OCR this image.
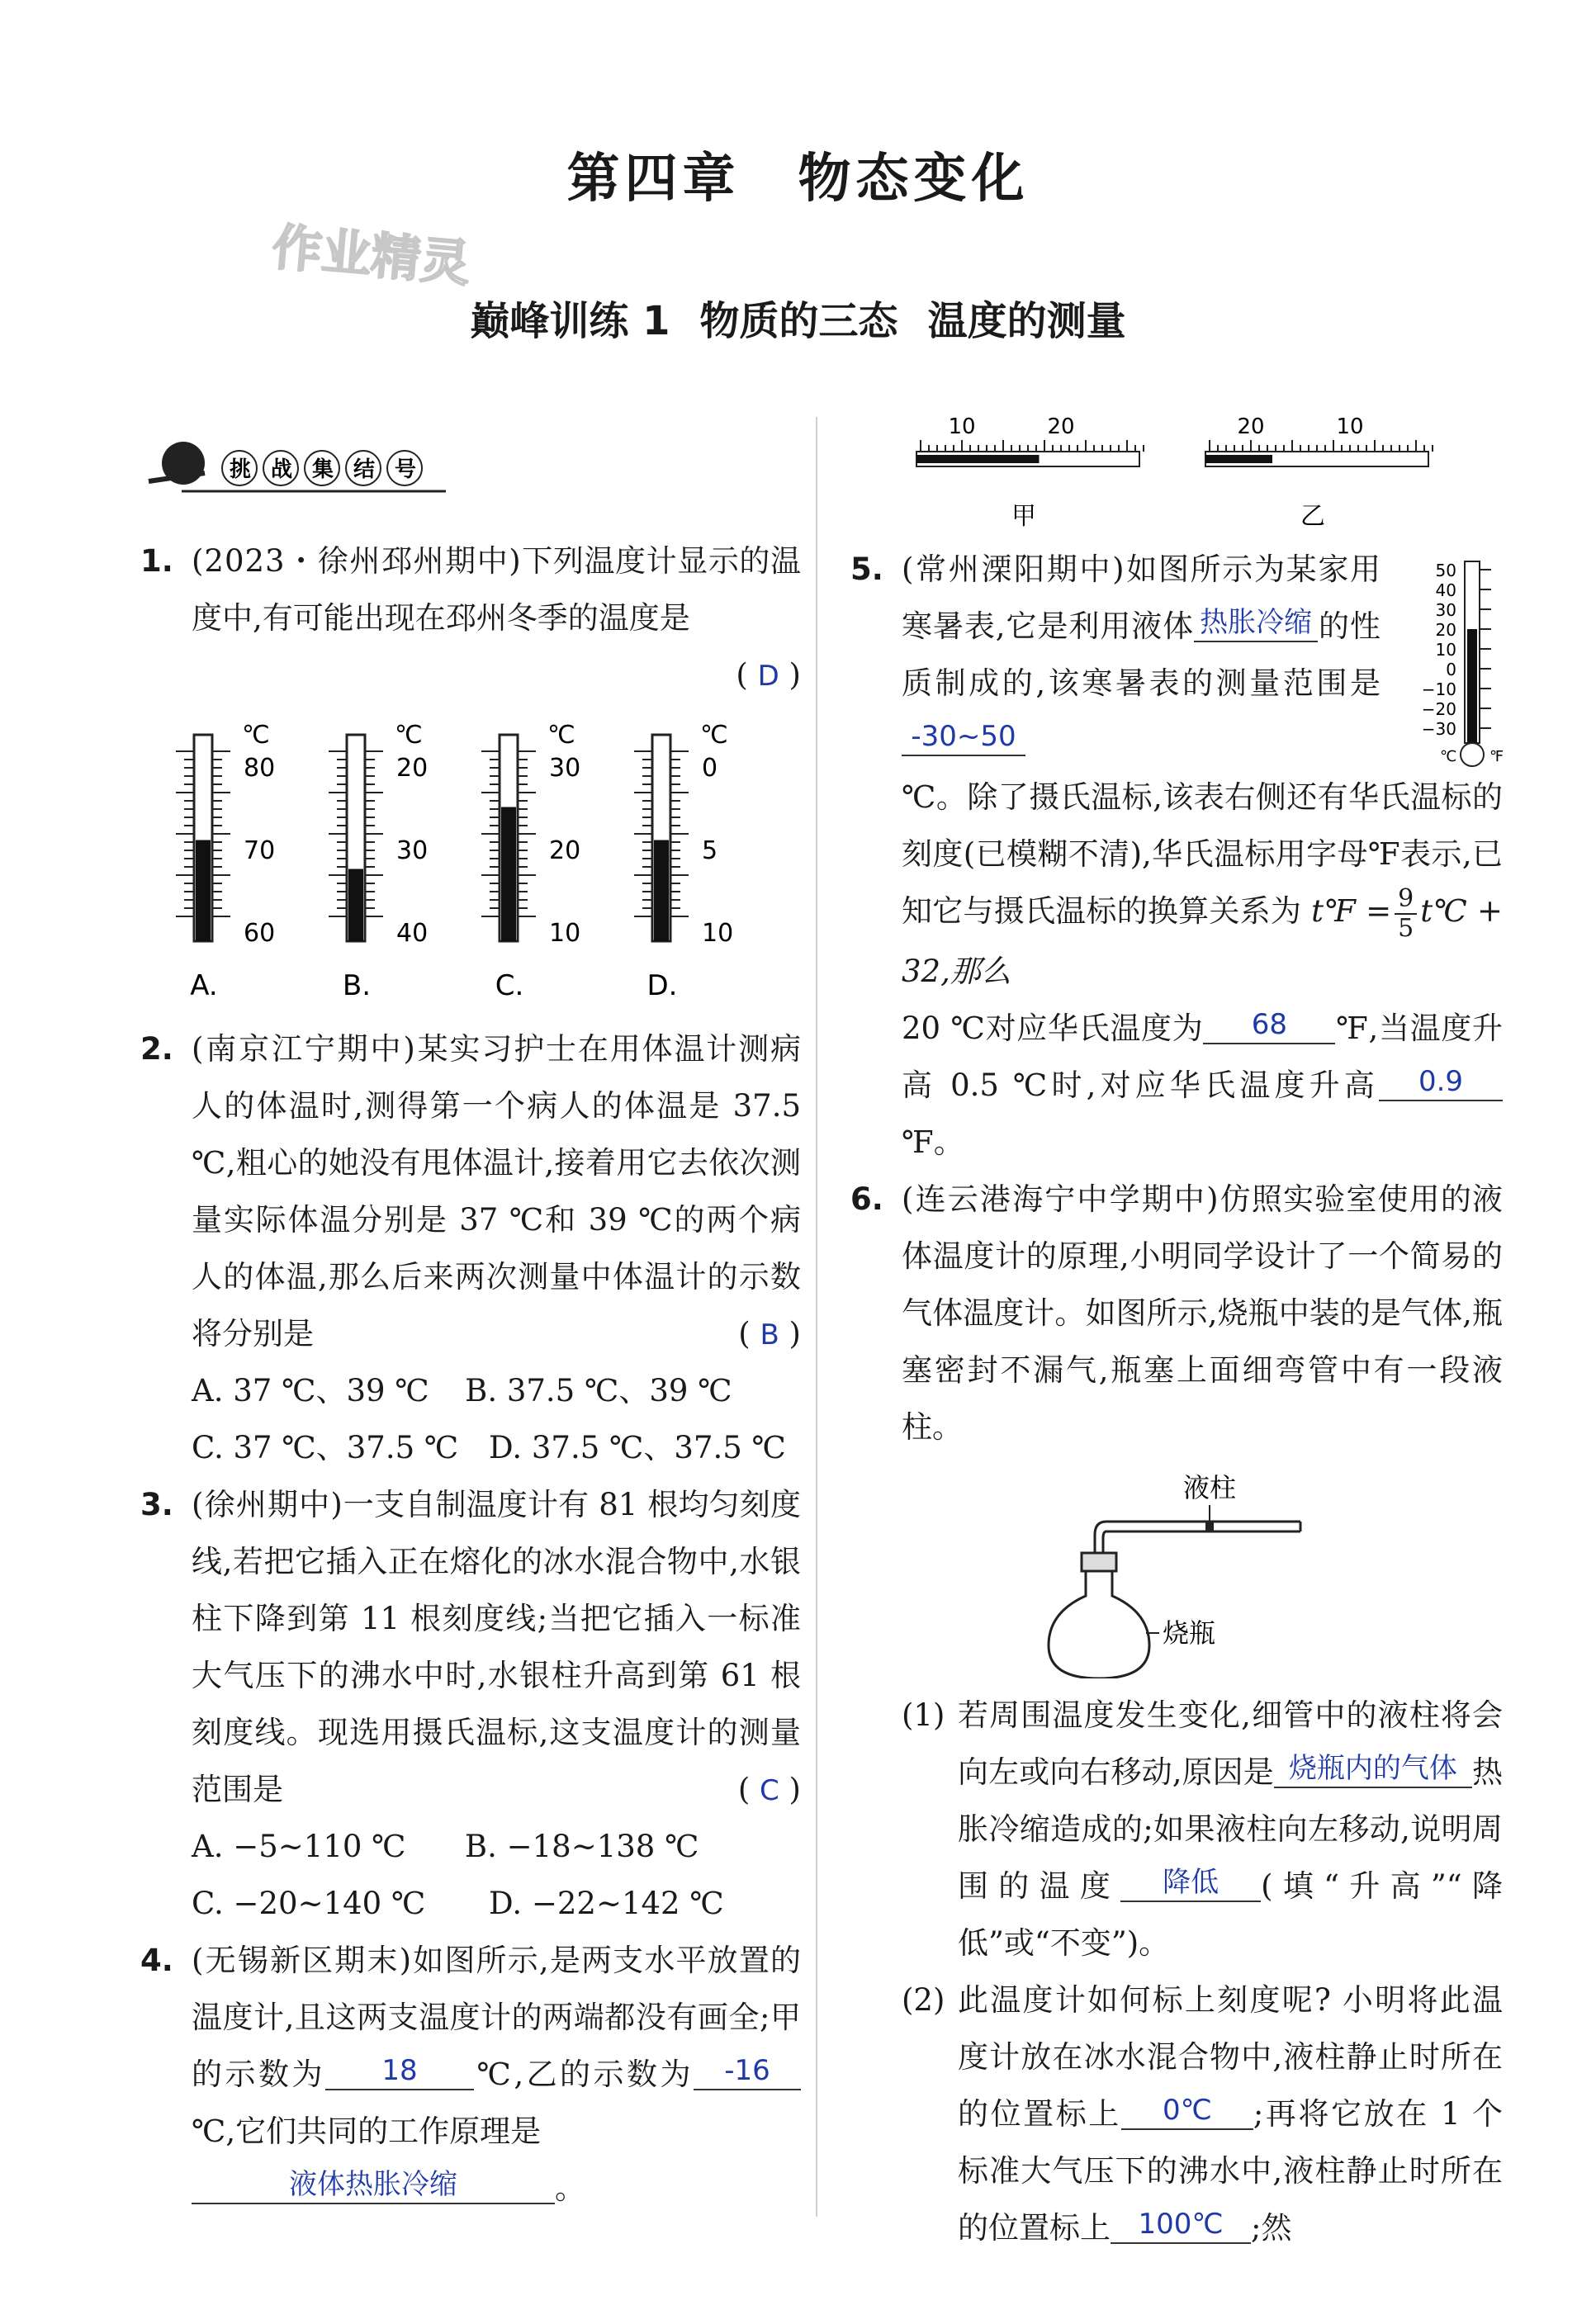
第四章　物态变化
作业精灵
巅峰训练 1 物质的三态 温度的测量
挑战集结号
1. (2023・徐州邳州期中)下列温度计显示的温度中,有可能出现在邳州冬季的温度是
( D )
℃
80
70
60
A.
℃
20
30
40
B.
℃
30
20
10
C.
℃
0
5
10
D.
2. (南京江宁期中)某实习护士在用体温计测病人的体温时,测得第一个病人的体温是 37.5 ℃,粗心的她没有甩体温计,接着用它去依次测量实际体温分别是 37 ℃和 39 ℃的两个病人的体温,那么后来两次测量中体温计的示数将分别是	( B )
A. 37 ℃、39 ℃	B. 37.5 ℃、39 ℃
C. 37 ℃、37.5 ℃ D. 37.5 ℃、37.5 ℃
3. (徐州期中)一支自制温度计有 81 根均匀刻度线,若把它插入正在熔化的冰水混合物中,水银柱下降到第 11 根刻度线;当把它插入一标准大气压下的沸水中时,水银柱升高到第 61 根刻度线。现选用摄氏温标,这支温度计的测量范围是	( C )
A. −5~110 ℃	B. −18~138 ℃
C. −20~140 ℃	D. −22~142 ℃
4. (无锡新区期末)如图所示,是两支水平放置的温度计,且这两支温度计的两端都没有画全;甲的示数为 18 ℃,乙的示数为 -16℃,它们共同的工作原理是
液体热胀冷缩	。
10	20	20	10
甲	乙
5. (常州溧阳期中)如图所示为某家用寒暑表,它是利用液体 热胀冷缩 的性质制成的,该寒暑表的测量范围是-30~50
℃。除了摄氏温标,该表右侧还有华氏温标的刻度(已模糊不清),华氏温标用字母℉表示,已知它与摄氏温标的换算关系为 t℉ = $\frac{9}{5}$ t℃ + 32,那么
20 ℃对应华氏温度为 68 ℉,当温度升高 0.5 ℃时,对应华氏温度升高 0.9℉。
6. (连云港海宁中学期中)仿照实验室使用的液体温度计的原理,小明同学设计了一个简易的气体温度计。如图所示,烧瓶中装的是气体,瓶塞密封不漏气,瓶塞上面细弯管中有一段液柱。
液柱
烧瓶
(1) 若周围温度发生变化,细管中的液柱将会向左或向右移动,原因是 烧瓶内的气体 热胀冷缩造成的;如果液柱向左移动,说明周围的温度 降低 (填“升高”“降低”或“不变”)。
(2) 此温度计如何标上刻度呢? 小明将此温度计放在冰水混合物中,液柱静止时所在的位置标上 0℃ ;再将它放在 1 个标准大气压下的沸水中,液柱静止时所在的位置标上 100℃ ;然
50
40
30
20
10
0
−10
−20
−30
℃ ℉
